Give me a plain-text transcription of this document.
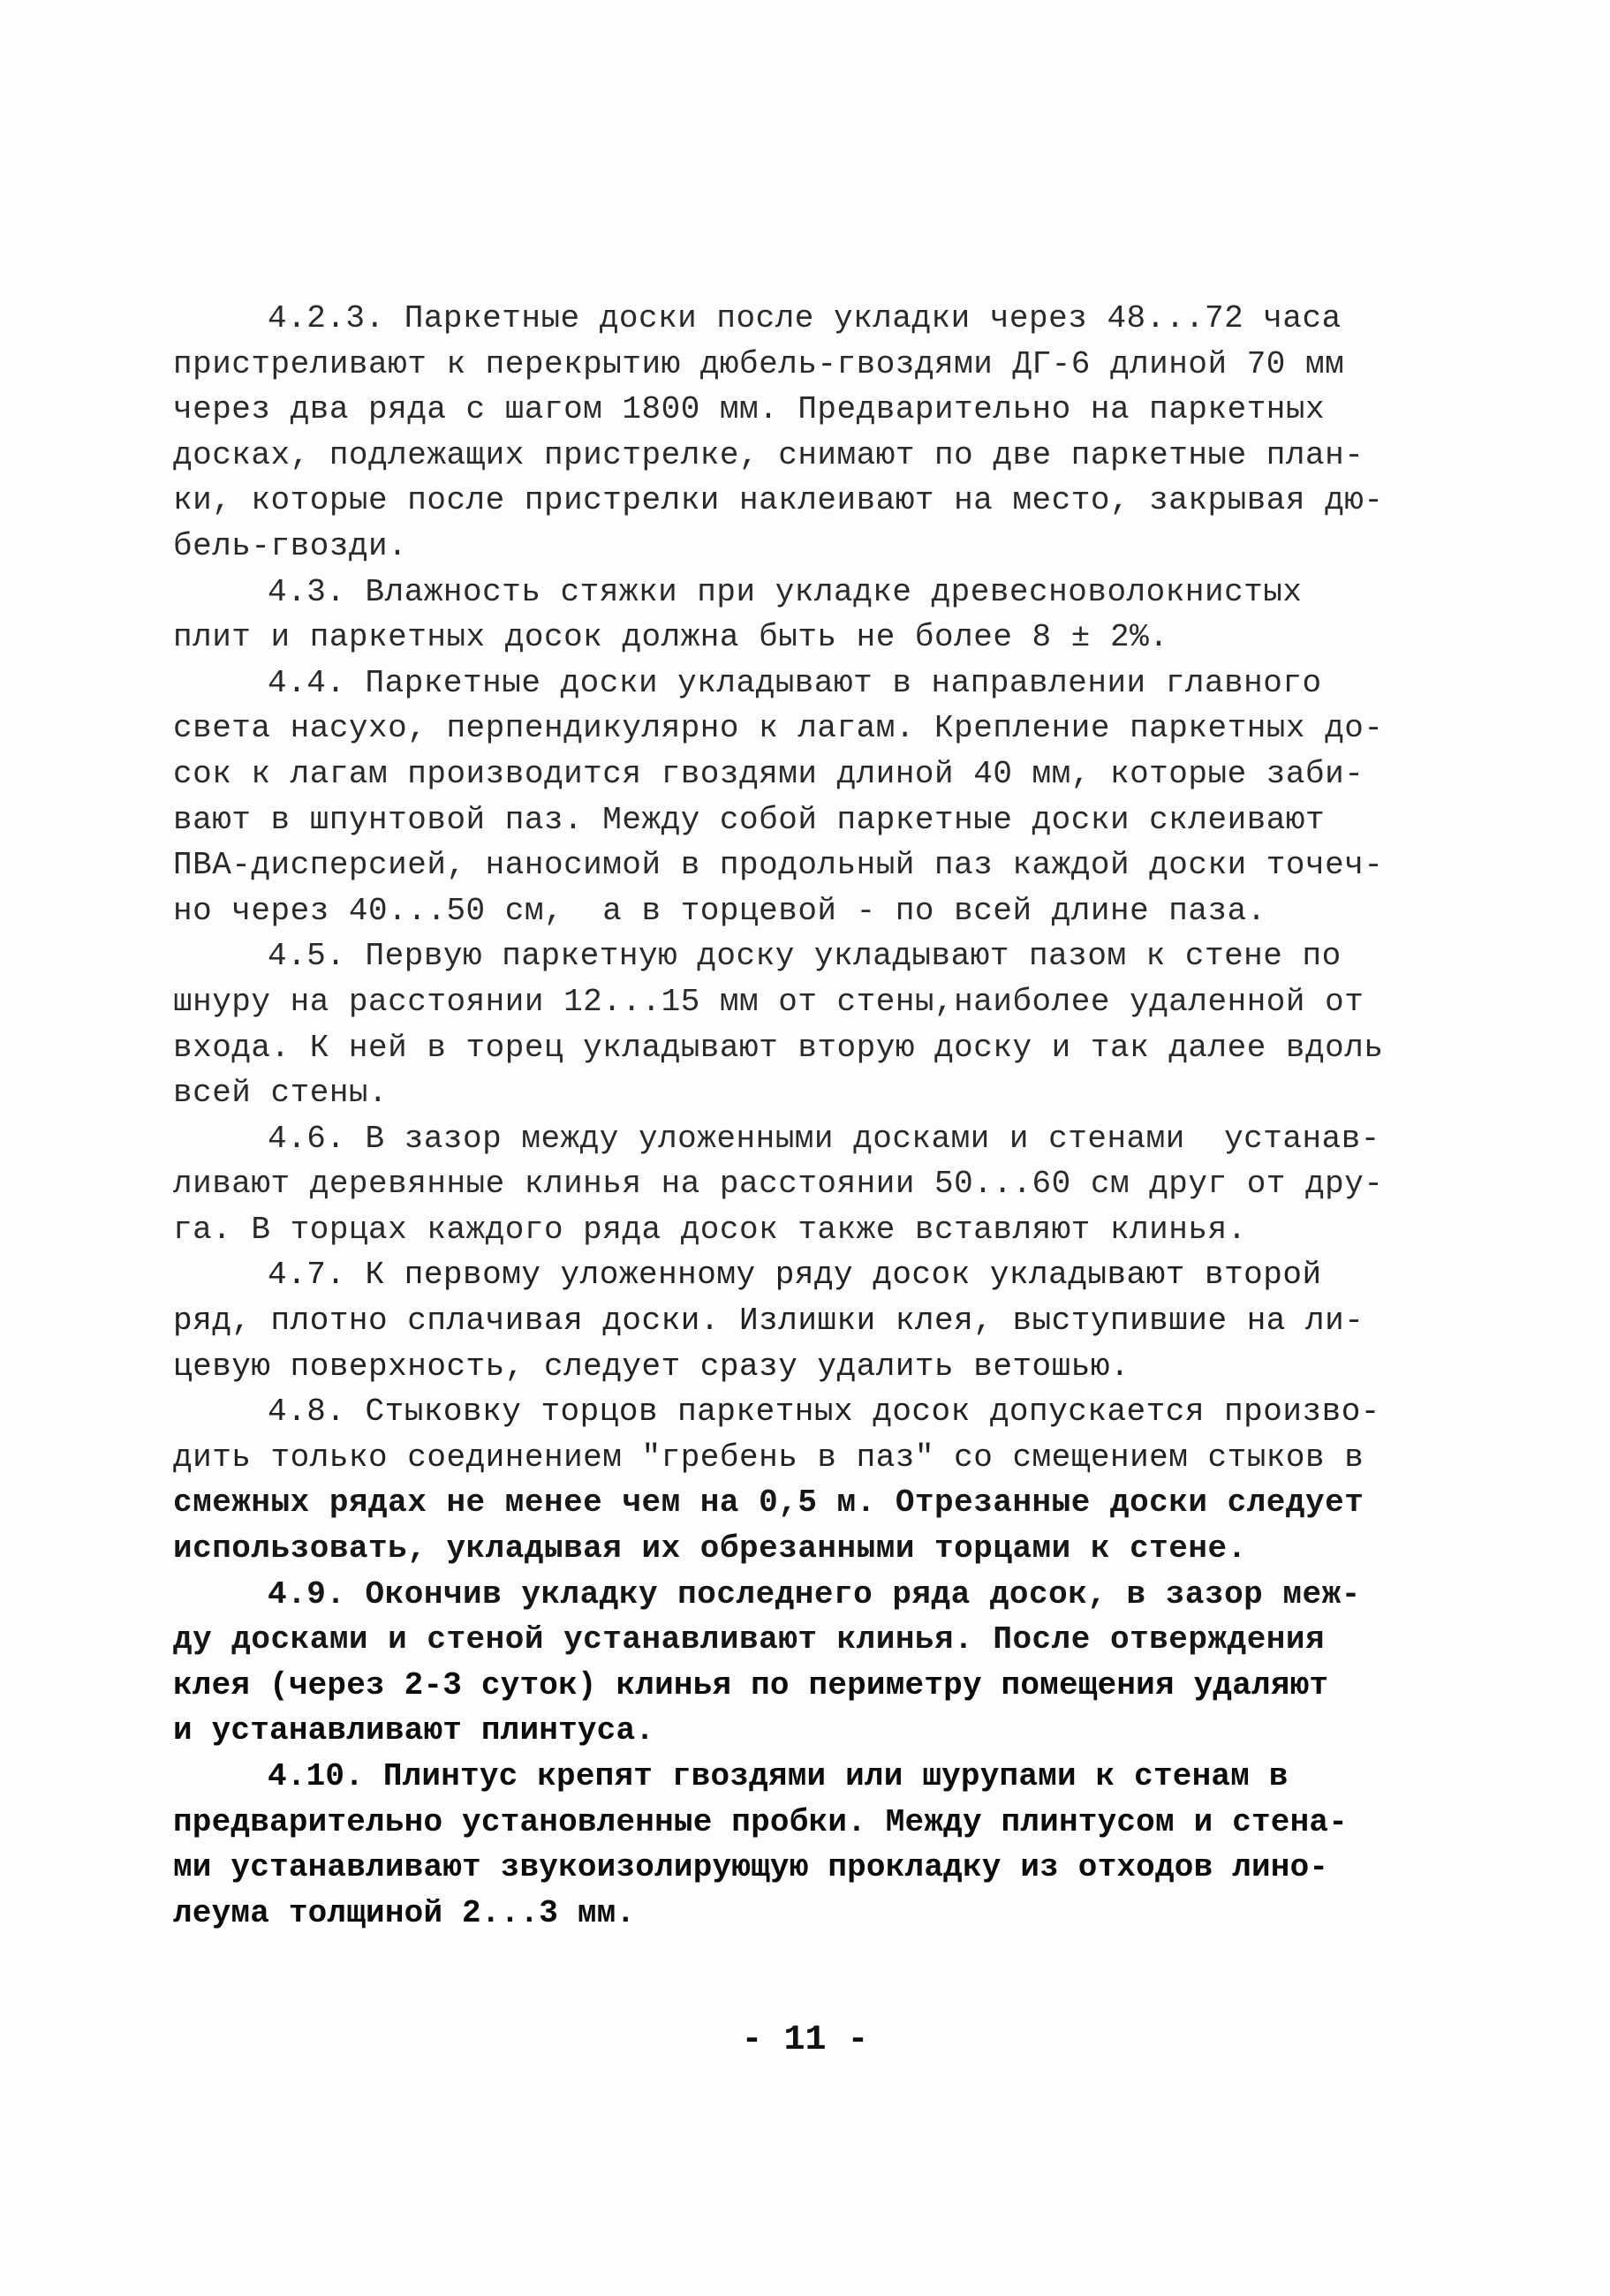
4.2.3. Паркетные доски после укладки через 48...72 часа
пристреливают к перекрытию дюбель-гвоздями ДГ-6 длиной 70 мм
через два ряда с шагом 1800 мм. Предварительно на паркетных
досках, подлежащих пристрелке, снимают по две паркетные план-
ки, которые после пристрелки наклеивают на место, закрывая дю-
бель-гвозди.
4.3. Влажность стяжки при укладке древесноволокнистых
плит и паркетных досок должна быть не более 8 ± 2%.
4.4. Паркетные доски укладывают в направлении главного
света насухо, перпендикулярно к лагам. Крепление паркетных до-
сок к лагам производится гвоздями длиной 40 мм, которые заби-
вают в шпунтовой паз. Между собой паркетные доски склеивают
ПВА-дисперсией, наносимой в продольный паз каждой доски точеч-
но через 40...50 см,  а в торцевой - по всей длине паза.
4.5. Первую паркетную доску укладывают пазом к стене по
шнуру на расстоянии 12...15 мм от стены,наиболее удаленной от
входа. К ней в торец укладывают вторую доску и так далее вдоль
всей стены.
4.6. В зазор между уложенными досками и стенами  устанав-
ливают деревянные клинья на расстоянии 50...60 см друг от дру-
га. В торцах каждого ряда досок также вставляют клинья.
4.7. К первому уложенному ряду досок укладывают второй
ряд, плотно сплачивая доски. Излишки клея, выступившие на ли-
цевую поверхность, следует сразу удалить ветошью.
4.8. Стыковку торцов паркетных досок допускается произво-
дить только соединением "гребень в паз" со смещением стыков в
смежных рядах не менее чем на 0,5 м. Отрезанные доски следует
использовать, укладывая их обрезанными торцами к стене.
4.9. Окончив укладку последнего ряда досок, в зазор меж-
ду досками и стеной устанавливают клинья. После отверждения
клея (через 2-3 суток) клинья по периметру помещения удаляют
и устанавливают плинтуса.
4.10. Плинтус крепят гвоздями или шурупами к стенам в
предварительно установленные пробки. Между плинтусом и стена-
ми устанавливают звукоизолирующую прокладку из отходов лино-
леума толщиной 2...3 мм.
- 11 -
